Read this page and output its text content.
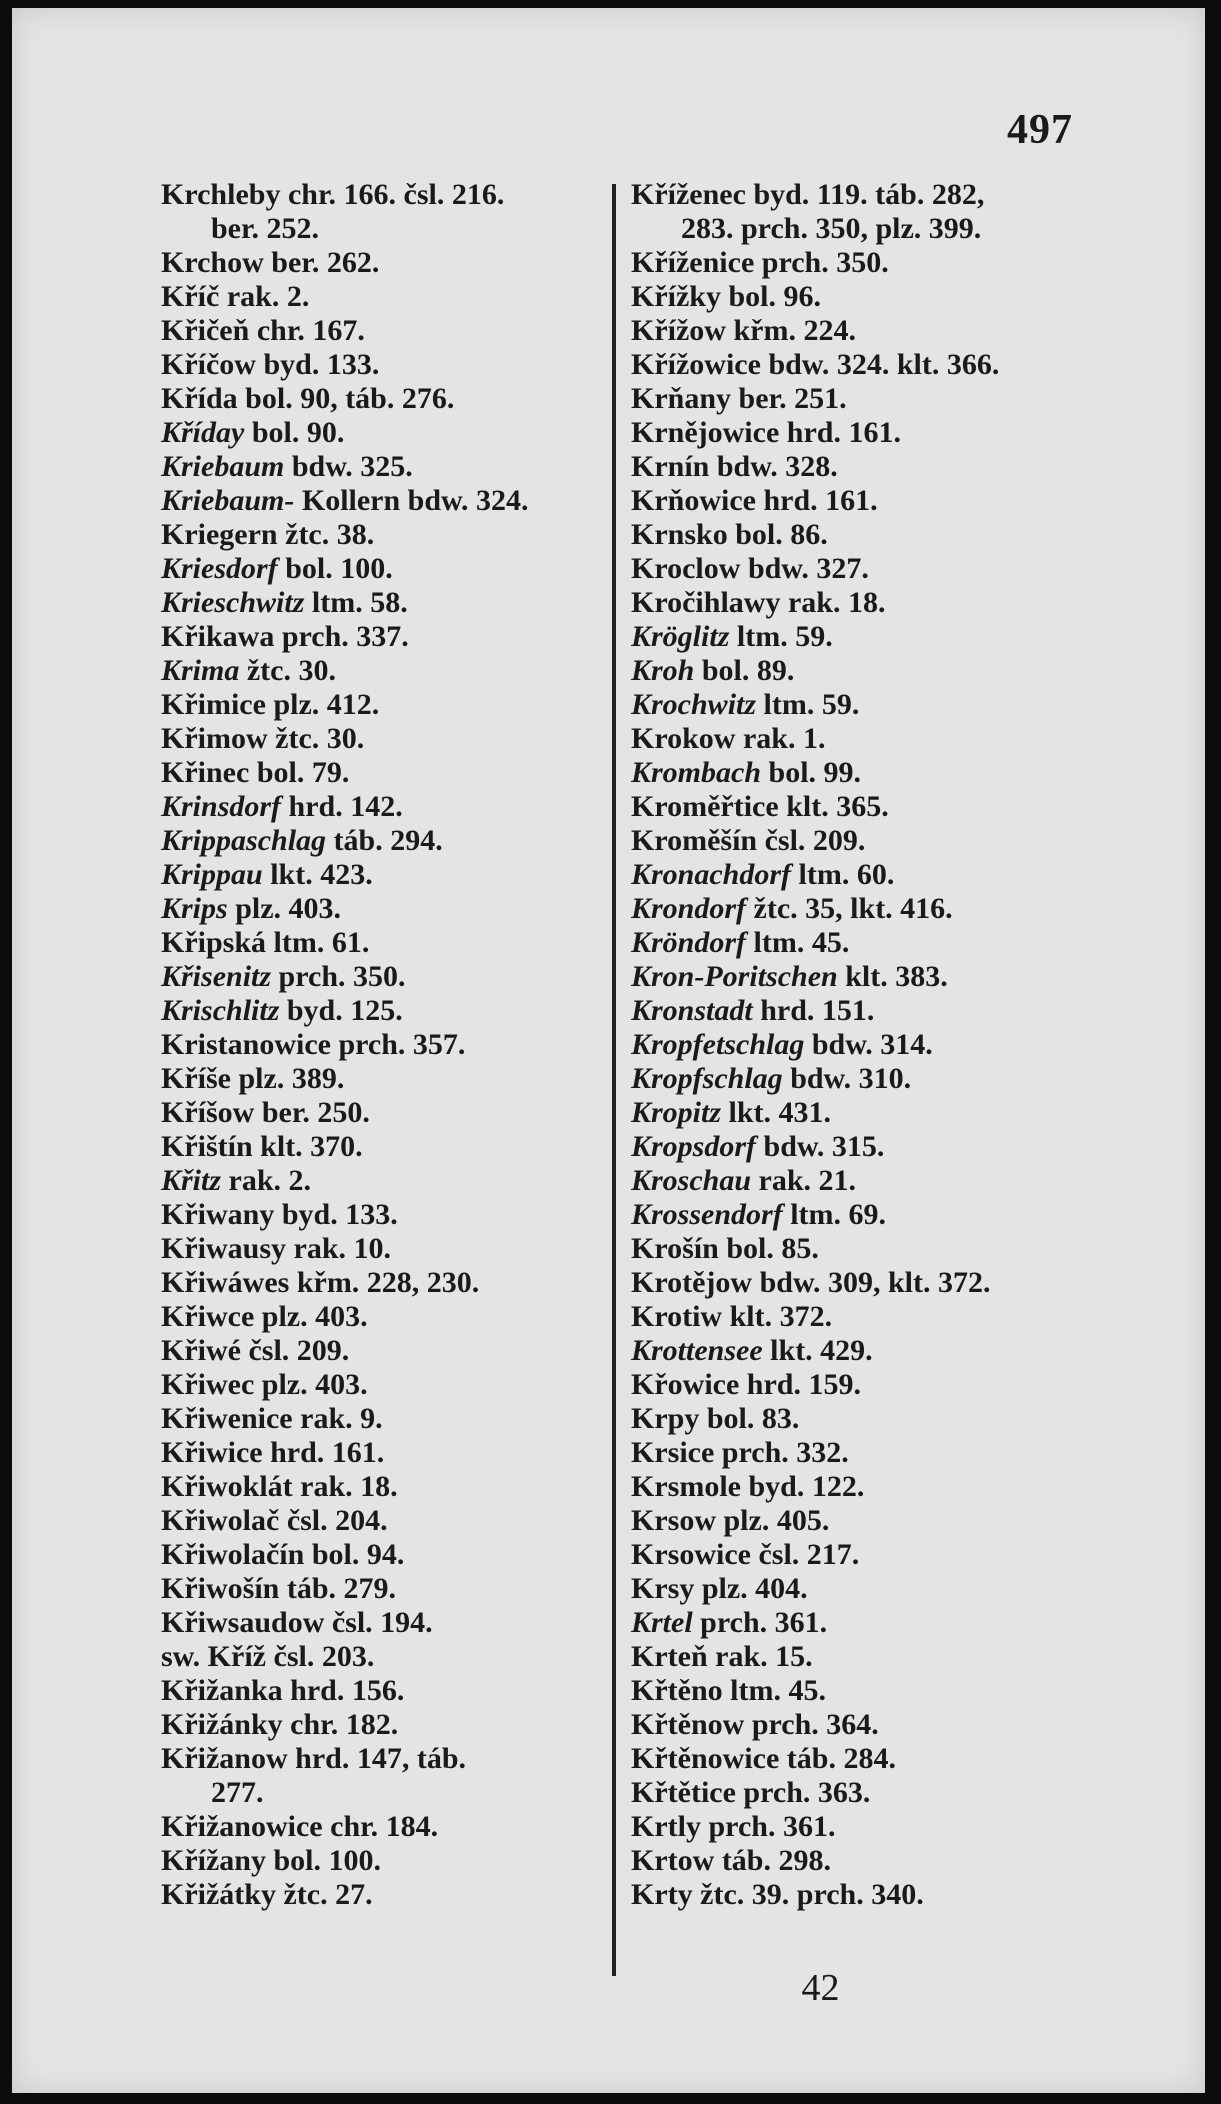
497
Krchleby chr. 166. čsl. 216.
ber. 252.
Krchow ber. 262.
Kříč rak. 2.
Křičeň chr. 167.
Kříčow byd. 133.
Křída bol. 90, táb. 276.
Kříday bol. 90.
Kriebaum bdw. 325.
Kriebaum- Kollern bdw. 324.
Kriegern žtc. 38.
Kriesdorf bol. 100.
Krieschwitz ltm. 58.
Křikawa prch. 337.
Krima žtc. 30.
Křimice plz. 412.
Křimow žtc. 30.
Křinec bol. 79.
Krinsdorf hrd. 142.
Krippaschlag táb. 294.
Krippau lkt. 423.
Krips plz. 403.
Křipská ltm. 61.
Křisenitz prch. 350.
Krischlitz byd. 125.
Kristanowice prch. 357.
Kříše plz. 389.
Kříšow ber. 250.
Křištín klt. 370.
Křitz rak. 2.
Křiwany byd. 133.
Křiwausy rak. 10.
Křiwáwes křm. 228, 230.
Křiwce plz. 403.
Křiwé čsl. 209.
Křiwec plz. 403.
Křiwenice rak. 9.
Křiwice hrd. 161.
Křiwoklát rak. 18.
Křiwolač čsl. 204.
Křiwolačín bol. 94.
Křiwošín táb. 279.
Křiwsaudow čsl. 194.
sw. Kříž čsl. 203.
Křižanka hrd. 156.
Křižánky chr. 182.
Křižanow hrd. 147, táb.
277.
Křižanowice chr. 184.
Křížany bol. 100.
Křižátky žtc. 27.
Kříženec byd. 119. táb. 282,
283. prch. 350, plz. 399.
Kříženice prch. 350.
Křížky bol. 96.
Křížow křm. 224.
Křížowice bdw. 324. klt. 366.
Krňany ber. 251.
Krnějowice hrd. 161.
Krnín bdw. 328.
Krňowice hrd. 161.
Krnsko bol. 86.
Kroclow bdw. 327.
Kročihlawy rak. 18.
Kröglitz ltm. 59.
Kroh bol. 89.
Krochwitz ltm. 59.
Krokow rak. 1.
Krombach bol. 99.
Kroměřtice klt. 365.
Kroměšín čsl. 209.
Kronachdorf ltm. 60.
Krondorf žtc. 35, lkt. 416.
Kröndorf ltm. 45.
Kron-Poritschen klt. 383.
Kronstadt hrd. 151.
Kropfetschlag bdw. 314.
Kropfschlag bdw. 310.
Kropitz lkt. 431.
Kropsdorf bdw. 315.
Kroschau rak. 21.
Krossendorf ltm. 69.
Krošín bol. 85.
Krotějow bdw. 309, klt. 372.
Krotiw klt. 372.
Krottensee lkt. 429.
Křowice hrd. 159.
Krpy bol. 83.
Krsice prch. 332.
Krsmole byd. 122.
Krsow plz. 405.
Krsowice čsl. 217.
Krsy plz. 404.
Krtel prch. 361.
Krteň rak. 15.
Křtěno ltm. 45.
Křtěnow prch. 364.
Křtěnowice táb. 284.
Křtětice prch. 363.
Krtly prch. 361.
Krtow táb. 298.
Krty žtc. 39. prch. 340.
42
